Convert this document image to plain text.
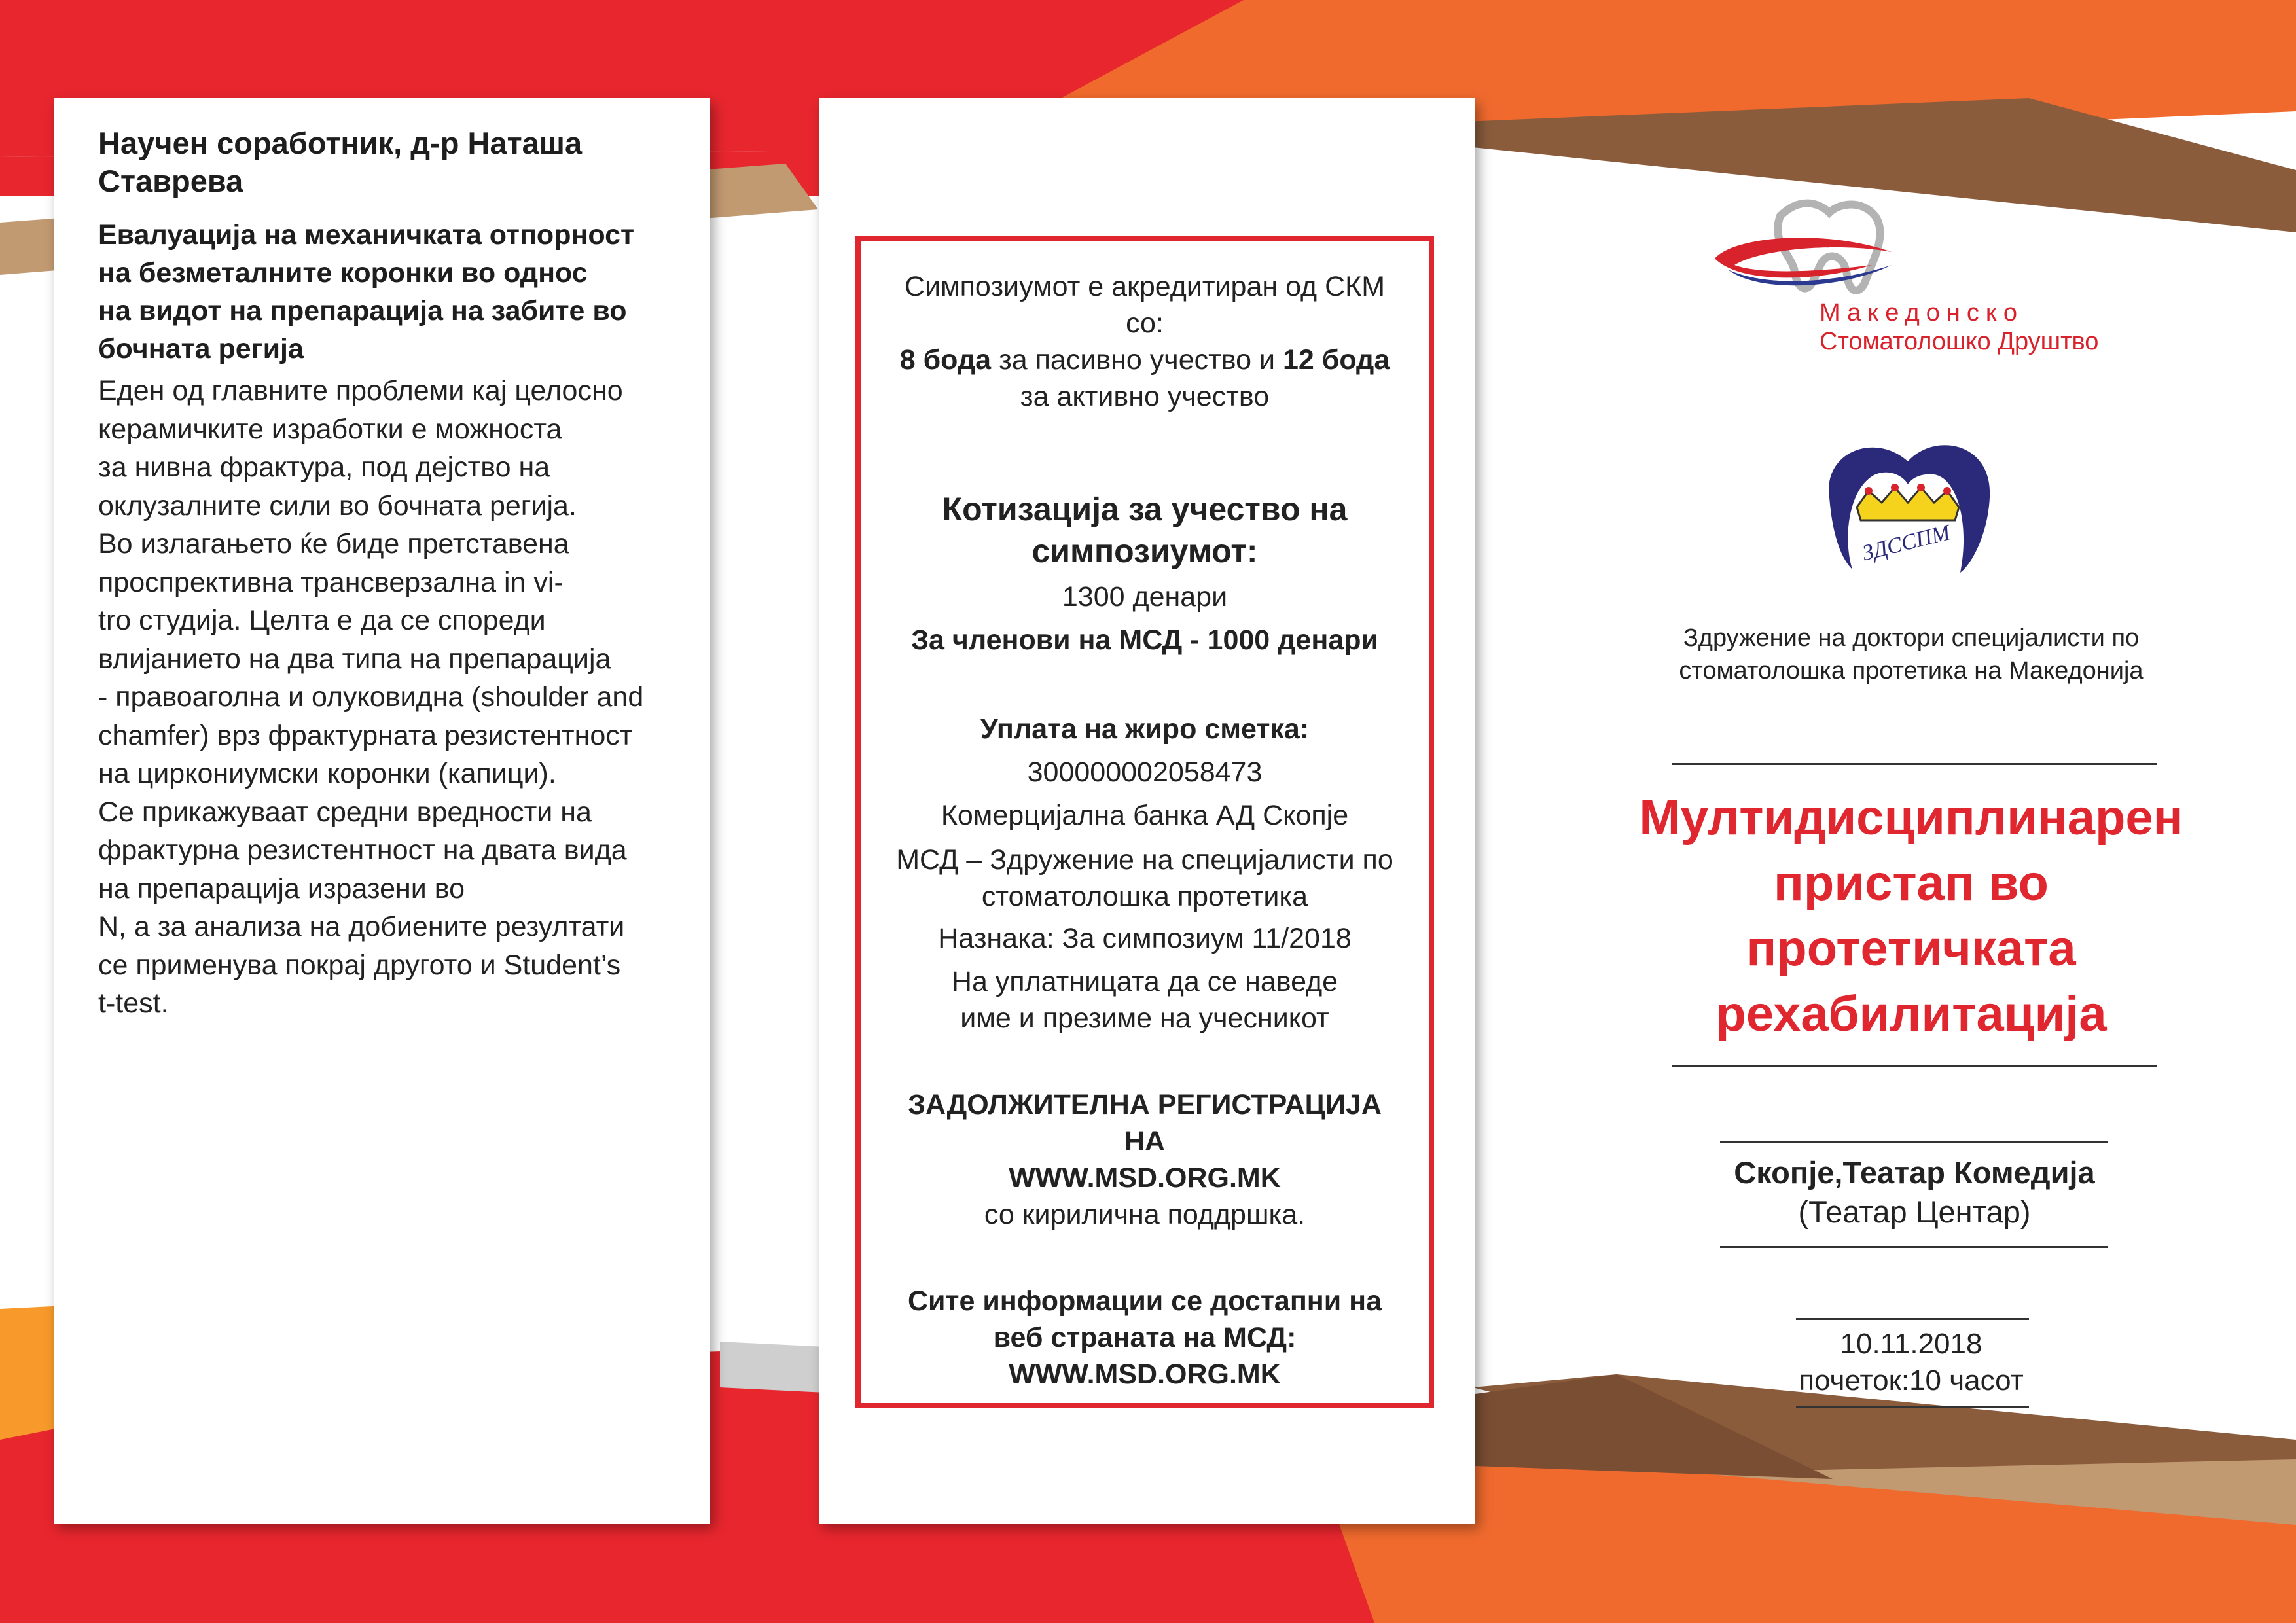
Научен соработник, д-р Наташа
Ставрева
Евалуација на механичката отпорност
на безметалните коронки во однос
на видот на препарација на забите во
бочната регија
Еден од главните проблеми кај целосно
керамичките изработки е можноста
за нивна фрактура, под дејство на
оклузалните сили во бочната регија.
Во излагањето ќе биде претставена
проспрективна трансверзална in vi-
tro студија. Целта е да се спореди
влијанието на два типа на препарација
- правоаголна и олуковидна (shoulder and
chamfer) врз фрактурната резистентност
на циркониумски коронки (капици).
Се прикажуваат средни вредности на
фрактурна резистентност на двата вида
на препарација изразени во
N, а за анализа на добиените резултати
се применува покрај другото и Student’s
t-test.
Симпозиумот е акредитиран од СКМ
со:
8 бода за пасивно учество и 12 бода
за активно учество
Котизација за учество на
симпозиумот:
1300 денари
За членови на МСД - 1000 денари
Уплата на жиро сметка:
300000002058473
Комерцијална банка АД Скопје
МСД – Здружение на специјалисти по
стоматолошка протетика
Назнака: За симпозиум 11/2018
На уплатницата да се наведе
име и презиме на учесникот
ЗАДОЛЖИТЕЛНА РЕГИСТРАЦИЈА
НА
WWW.MSD.ORG.MK
со кирилична поддршка.
Сите информации се достапни на
веб страната на МСД:
WWW.MSD.ORG.MK
Македонско
Стоматолошко Друштво
ЗДССПМ
Здружение на доктори специјалисти по
стоматолошка протетика на Македонија
Мултидисциплинарен
пристап во
протетичката
рехабилитација
Скопје,Театар Комедија
(Театар Центар)
10.11.2018
почеток:10 часот
